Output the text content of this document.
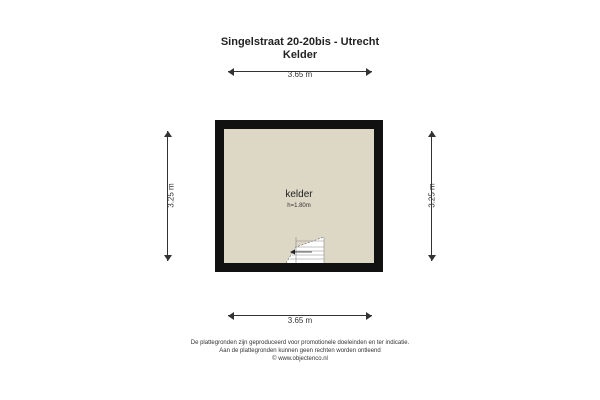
Singelstraat 20-20bis - Utrecht
Kelder
3.65 m
3.25 m	3.25 m
kelder
h=1.80m
3.65 m
De plattegronden zijn geproduceerd voor promotionele doeleinden en ter indicatie.
Aan de plattegronden kunnen geen rechten worden ontleend
© www.objectenco.nl
